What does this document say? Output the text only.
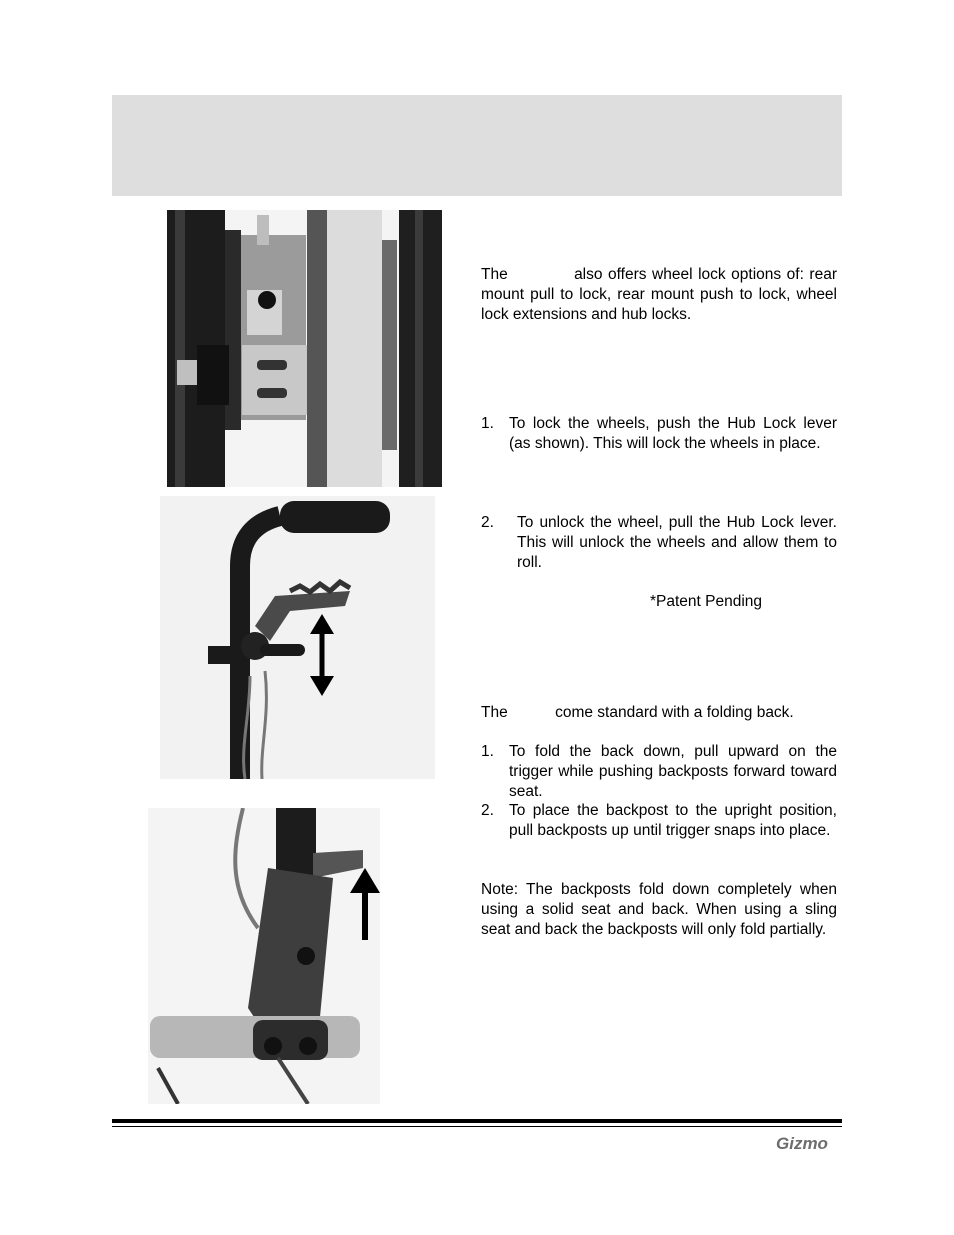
The            also offers wheel lock options of: rear mount pull to lock, rear mount push to lock, wheel lock extensions and hub locks.

1. To lock the wheels, push the Hub Lock lever (as shown). This will lock the wheels in place.
2. To unlock the wheel, pull the Hub Lock lever. This will unlock the wheels and allow them to roll.
*Patent Pending

The           come standard with a folding back.

1. To fold the back down, pull upward on the trigger while pushing backposts forward toward seat.
2. To place the backpost to the upright position, pull backposts up until trigger snaps into place.

Note: The backposts fold down completely when using a solid seat and back. When using a sling seat and back the backposts will only fold partially.

Gizmo
